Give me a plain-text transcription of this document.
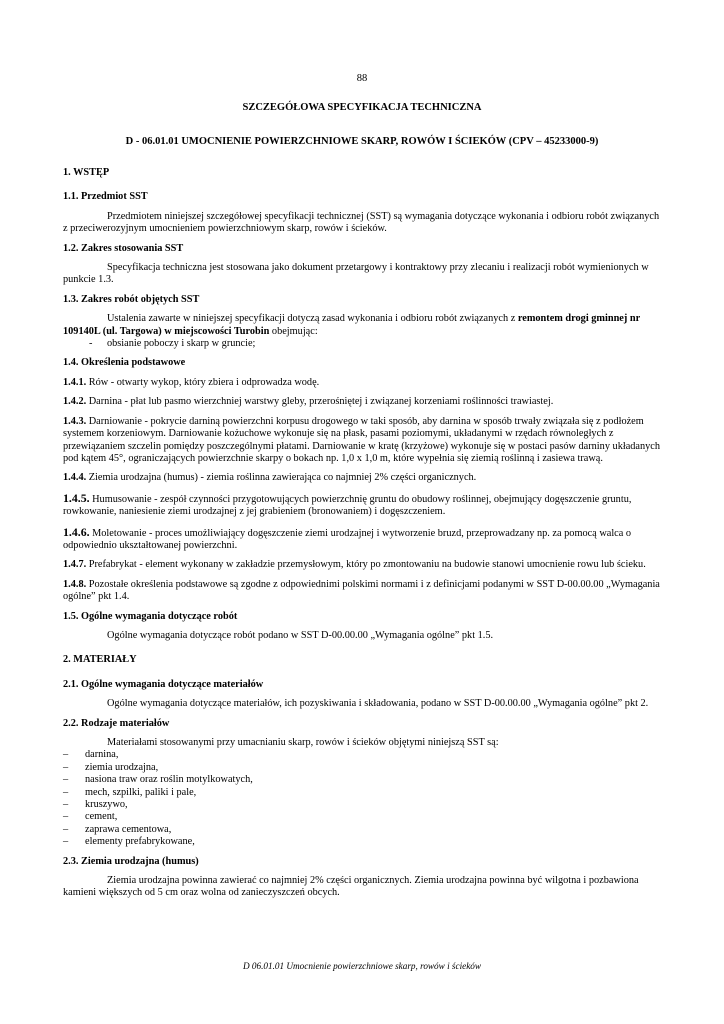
88
SZCZEGÓŁOWA SPECYFIKACJA TECHNICZNA
D - 06.01.01 UMOCNIENIE POWIERZCHNIOWE SKARP, ROWÓW I ŚCIEKÓW (CPV – 45233000-9)

1. WSTĘP

1.1. Przedmiot SST

Przedmiotem niniejszej szczegółowej specyfikacji technicznej (SST) są wymagania dotyczące wykonania i odbioru robót związanych z przeciwerozyjnym umocnieniem powierzchniowym skarp, rowów i ścieków.

1.2. Zakres stosowania SST

Specyfikacja techniczna jest stosowana jako dokument przetargowy i kontraktowy przy zlecaniu i realizacji robót wymienionych w punkcie 1.3.

1.3. Zakres robót objętych SST

Ustalenia zawarte w niniejszej specyfikacji dotyczą zasad wykonania i odbioru robót związanych z remontem drogi gminnej nr 109140L (ul. Targowa) w miejscowości Turobin obejmując:

- obsianie poboczy i skarp w gruncie;

1.4. Określenia podstawowe

1.4.1. Rów - otwarty wykop, który zbiera i odprowadza wodę.

1.4.2. Darnina - płat lub pasmo wierzchniej warstwy gleby, przerośniętej i związanej korzeniami roślinności trawiastej.

1.4.3. Darniowanie - pokrycie darniną powierzchni korpusu drogowego w taki sposób, aby darnina w sposób trwały związała się z podłożem systemem korzeniowym. Darniowanie kożuchowe wykonuje się na płask, pasami poziomymi, układanymi w rzędach równoległych z przewiązaniem szczelin pomiędzy poszczególnymi płatami. Darniowanie w kratę (krzyżowe) wykonuje się w postaci pasów darniny układanych pod kątem 45°, ograniczających powierzchnie skarpy o bokach np. 1,0 x 1,0 m, które wypełnia się ziemią roślinną i zasiewa trawą.

1.4.4. Ziemia urodzajna (humus) - ziemia roślinna zawierająca co najmniej 2% części organicznych.

1.4.5. Humusowanie - zespół czynności przygotowujących powierzchnię gruntu do obudowy roślinnej, obejmujący dogęszczenie gruntu, rowkowanie, naniesienie ziemi urodzajnej z jej grabieniem (bronowaniem) i dogęszczeniem.

1.4.6. Moletowanie - proces umożliwiający dogęszczenie ziemi urodzajnej i wytworzenie bruzd, przeprowadzany np. za pomocą walca o odpowiednio ukształtowanej powierzchni.

1.4.7. Prefabrykat - element wykonany w zakładzie przemysłowym, który po zmontowaniu na budowie stanowi umocnienie rowu lub ścieku.

1.4.8. Pozostałe określenia podstawowe są zgodne z odpowiednimi polskimi normami i z definicjami podanymi w SST D-00.00.00 „Wymagania ogólne” pkt 1.4.

1.5. Ogólne wymagania dotyczące robót

Ogólne wymagania dotyczące robót podano w SST D-00.00.00 „Wymagania ogólne” pkt 1.5.

2. MATERIAŁY

2.1. Ogólne wymagania dotyczące materiałów

Ogólne wymagania dotyczące materiałów, ich pozyskiwania i składowania, podano w SST D-00.00.00 „Wymagania ogólne” pkt 2.

2.2. Rodzaje materiałów

Materiałami stosowanymi przy umacnianiu skarp, rowów i ścieków objętymi niniejszą SST są:

– darnina,
– ziemia urodzajna,
– nasiona traw oraz roślin motylkowatych,
– mech, szpilki, paliki i pale,
– kruszywo,
– cement,
– zaprawa cementowa,
– elementy prefabrykowane,

2.3. Ziemia urodzajna (humus)

Ziemia urodzajna powinna zawierać co najmniej 2% części organicznych. Ziemia urodzajna powinna być wilgotna i pozbawiona kamieni większych od 5 cm oraz wolna od zanieczyszczeń obcych.

D 06.01.01 Umocnienie powierzchniowe skarp, rowów i ścieków
